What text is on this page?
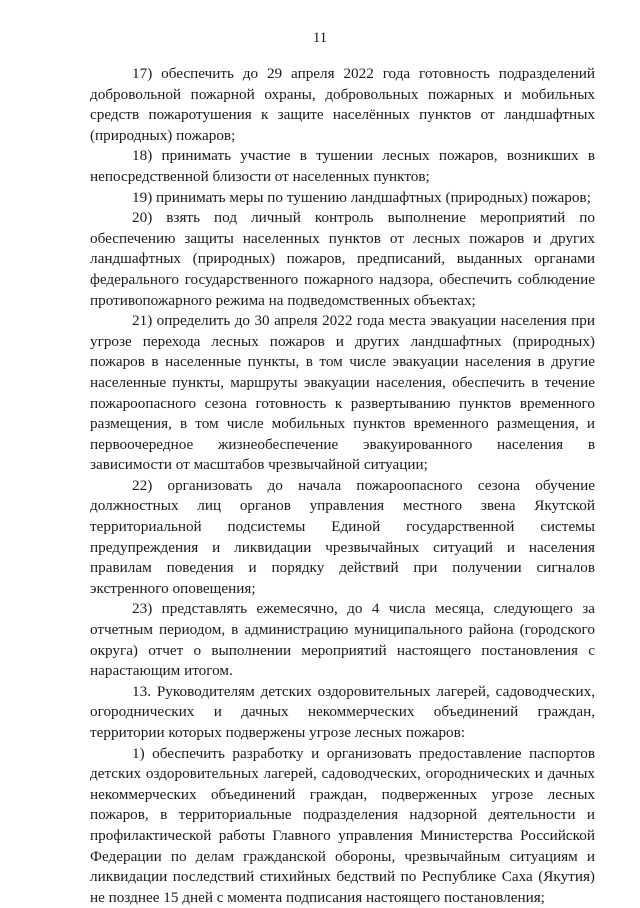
11

17) обеспечить до 29 апреля 2022 года готовность подразделений добровольной пожарной охраны, добровольных пожарных и мобильных средств пожаротушения к защите населённых пунктов от ландшафтных (природных) пожаров;

18) принимать участие в тушении лесных пожаров, возникших в непосредственной близости от населенных пунктов;

19) принимать меры по тушению ландшафтных (природных) пожаров;

20) взять под личный контроль выполнение мероприятий по обеспечению защиты населенных пунктов от лесных пожаров и других ландшафтных (природных) пожаров, предписаний, выданных органами федерального государственного пожарного надзора, обеспечить соблюдение противопожарного режима на подведомственных объектах;

21) определить до 30 апреля 2022 года места эвакуации населения при угрозе перехода лесных пожаров и других ландшафтных (природных) пожаров в населенные пункты, в том числе эвакуации населения в другие населенные пункты, маршруты эвакуации населения, обеспечить в течение пожароопасного сезона готовность к развертыванию пунктов временного размещения, в том числе мобильных пунктов временного размещения, и первоочередное жизнеобеспечение эвакуированного населения в зависимости от масштабов чрезвычайной ситуации;

22) организовать до начала пожароопасного сезона обучение должностных лиц органов управления местного звена Якутской территориальной подсистемы Единой государственной системы предупреждения и ликвидации чрезвычайных ситуаций и населения правилам поведения и порядку действий при получении сигналов экстренного оповещения;

23) представлять ежемесячно, до 4 числа месяца, следующего за отчетным периодом, в администрацию муниципального района (городского округа) отчет о выполнении мероприятий настоящего постановления с нарастающим итогом.

13. Руководителям детских оздоровительных лагерей, садоводческих, огороднических и дачных некоммерческих объединений граждан, территории которых подвержены угрозе лесных пожаров:

1) обеспечить разработку и организовать предоставление паспортов детских оздоровительных лагерей, садоводческих, огороднических и дачных некоммерческих объединений граждан, подверженных угрозе лесных пожаров, в территориальные подразделения надзорной деятельности и профилактической работы Главного управления Министерства Российской Федерации по делам гражданской обороны, чрезвычайным ситуациям и ликвидации последствий стихийных бедствий по Республике Саха (Якутия) не позднее 15 дней с момента подписания настоящего постановления;
